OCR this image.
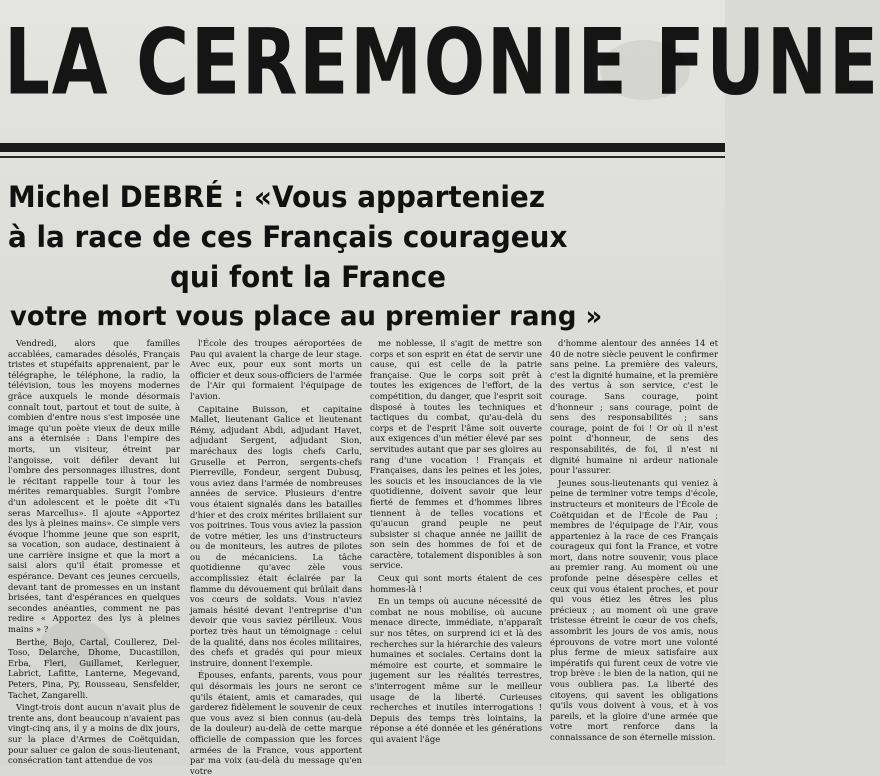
LA CEREMONIE FUNE
Michel DEBRÉ : «Vous apparteniez
à la race de ces Français courageux
qui font la France
votre mort vous place au premier rang »

Vendredi, alors que familles accablées, camarades désolés, Français tristes et stupéfaits apprenaient, par le télégraphe, le téléphone, la radio, la télévision, tous les moyens modernes grâce auxquels le monde désormais connaît tout, partout et tout de suite, à combien d'entre nous s'est imposée une image qu'un poète vieux de deux mille ans a éternisée : Dans l'empire des morts, un visiteur, étreint par l'angoisse, voit défiler devant lui l'ombre des personnages illustres, dont le récitant rappelle tour à tour les mérites remarquables. Surgit l'ombre d'un adolescent et le poète dit «Tu seras Marcellus». Il ajoute «Apportez des lys à pleines mains». Ce simple vers évoque l'homme jeune que son esprit, sa vocation, son audace, destinaient à une carrière insigne et que la mort a saisi alors qu'il était promesse et espérance. Devant ces jeunes cercueils, devant tant de promesses en un instant brisées, tant d'espérances en quelques secondes anéanties, comment ne pas redire « Apportez des lys à pleines mains » ?

Berthe, Bojo, Cartal, Coullerez, Del-Toso, Delarche, Dhome, Ducastillon, Erba, Fleri, Guillamet, Kerleguer, Labrict, Lafitte, Lanterne, Megevand, Peters, Pina, Py, Rousseau, Sensfelder, Tachet, Zangarelli.

Vingt-trois dont aucun n'avait plus de trente ans, dont beaucoup n'avaient pas vingt-cinq ans, il y a moins de dix jours, sur la place d'Armes de Coëtquidan, pour saluer ce galon de sous-lieutenant, consécration tant attendue de vos

l'École des troupes aéroportées de Pau qui avaient la charge de leur stage. Avec eux, pour eux sont morts un officier et deux sous-officiers de l'armée de l'Air qui formaient l'équipage de l'avion.

Capitaine Buisson, et capitaine Mallet, lieutenant Galice et lieutenant Rémy, adjudant Abdi, adjudant Havet, adjudant Sergent, adjudant Sion, maréchaux des logis chefs Carlu, Gruselle et Perron, sergents-chefs Pierreville, Fondeur, sergent Dubusq, vous aviez dans l'armée de nombreuses années de service. Plusieurs d'entre vous étaient signalés dans les batailles d'hier et des croix mérites brillaient sur vos poitrines. Tous vous aviez la passion de votre métier, les uns d'instructeurs ou de moniteurs, les autres de pilotes ou de mécaniciens. La tâche quotidienne qu'avec zèle vous accomplissiez était éclairée par la flamme du dévouement qui brûlait dans vos cœurs de soldats. Vous n'aviez jamais hésité devant l'entreprise d'un devoir que vous saviez périlleux. Vous portez très haut un témoignage : celui de la qualité, dans nos écoles militaires, des chefs et gradés qui pour mieux instruire, donnent l'exemple.

Épouses, enfants, parents, vous pour qui désormais les jours ne seront ce qu'ils étaient, amis et camarades, qui garderez fidèlement le souvenir de ceux que vous avez si bien connus (au-delà de la douleur) au-delà de cette marque officielle de compassion que les forces armées de la France, vous apportent par ma voix (au-delà du message qu'en votre

me noblesse, il s'agit de mettre son corps et son esprit en état de servir une cause, qui est celle de la patrie française. Que le corps soit prêt à toutes les exigences de l'effort, de la compétition, du danger, que l'esprit soit disposé à toutes les techniques et tactiques du combat, qu'au-delà du corps et de l'esprit l'âme soit ouverte aux exigences d'un métier élevé par ses servitudes autant que par ses gloires au rang d'une vocation ! Français et Françaises, dans les peines et les joies, les soucis et les insouciances de la vie quotidienne, doivent savoir que leur fierté de femmes et d'hommes libres tiennent à de telles vocations et qu'aucun grand peuple ne peut subsister si chaque année ne jaillit de son sein des hommes de foi et de caractère, totalement disponibles à son service.

Ceux qui sont morts étaient de ces hommes-là !

En un temps où aucune nécessité de combat ne nous mobilise, où aucune menace directe, immédiate, n'apparaît sur nos têtes, on surprend ici et là des recherches sur la hiérarchie des valeurs humaines et sociales. Certains dont la mémoire est courte, et sommaire le jugement sur les réalités terrestres, s'interrogent même sur le meilleur usage de la liberté. Curieuses recherches et inutiles interrogations ! Depuis des temps très lointains, la réponse a été donnée et les générations qui avaient l'âge

d'homme alentour des années 14 et 40 de notre siècle peuvent le confirmer sans peine. La première des valeurs, c'est la dignité humaine, et la première des vertus à son service, c'est le courage. Sans courage, point d'honneur ; sans courage, point de sens des responsabilités ; sans courage, point de foi ! Or où il n'est point d'honneur, de sens des responsabilités, de foi, il n'est ni dignité humaine ni ardeur nationale pour l'assurer.

Jeunes sous-lieutenants qui veniez à peine de terminer votre temps d'école, instructeurs et moniteurs de l'École de Coëtquidan et de l'École de Pau ; membres de l'équipage de l'Air, vous apparteniez à la race de ces Français courageux qui font la France, et votre mort, dans notre souvenir, vous place au premier rang. Au moment où une profonde peine désespère celles et ceux qui vous étaient proches, et pour qui vous étiez les êtres les plus précieux ; au moment où une grave tristesse étreint le cœur de vos chefs, assombrit les jours de vos amis, nous éprouvons de votre mort une volonté plus ferme de mieux satisfaire aux impératifs qui furent ceux de votre vie trop brève : le bien de la nation, qui ne vous oubliera pas. La liberté des citoyens, qui savent les obligations qu'ils vous doivent à vous, et à vos pareils, et la gloire d'une armée que votre mort renforce dans la connaissance de son éternelle mission.
